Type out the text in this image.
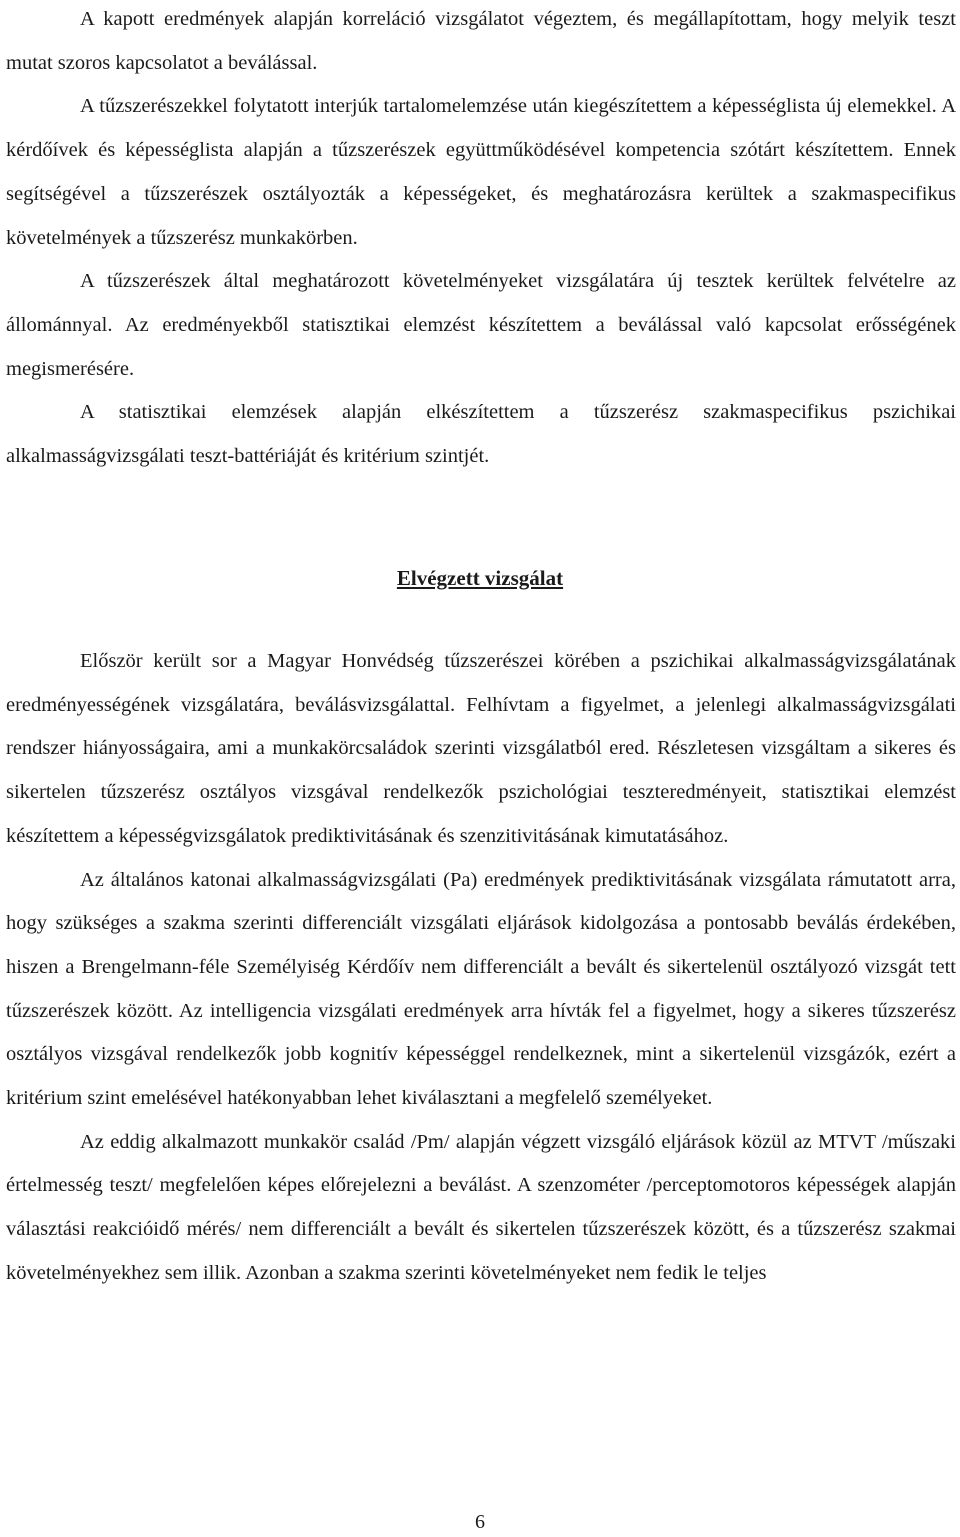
A kapott eredmények alapján korreláció vizsgálatot végeztem, és megállapítottam, hogy melyik teszt mutat szoros kapcsolatot a beválással.

A tűzszerészekkel folytatott interjúk tartalomelemzése után kiegészítettem a képességlista új elemekkel. A kérdőívek és képességlista alapján a tűzszerészek együttműködésével kompetencia szótárt készítettem. Ennek segítségével a tűzszerészek osztályozták a képességeket, és meghatározásra kerültek a szakmaspecifikus követelmények a tűzszerész munkakörben.

A tűzszerészek által meghatározott követelményeket vizsgálatára új tesztek kerültek felvételre az állománnyal. Az eredményekből statisztikai elemzést készítettem a beválással való kapcsolat erősségének megismerésére.

A statisztikai elemzések alapján elkészítettem a tűzszerész szakmaspecifikus pszichikai alkalmasságvizsgálati teszt-battériáját és kritérium szintjét.

Elvégzett vizsgálat

Először került sor a Magyar Honvédség tűzszerészei körében a pszichikai alkalmasságvizsgálatának eredményességének vizsgálatára, beválásvizsgálattal. Felhívtam a figyelmet, a jelenlegi alkalmasságvizsgálati rendszer hiányosságaira, ami a munkakörcsaládok szerinti vizsgálatból ered. Részletesen vizsgáltam a sikeres és sikertelen tűzszerész osztályos vizsgával rendelkezők pszichológiai teszteredményeit, statisztikai elemzést készítettem a képességvizsgálatok prediktivitásának és szenzitivitásának kimutatásához.

Az általános katonai alkalmasságvizsgálati (Pa) eredmények prediktivitásának vizsgálata rámutatott arra, hogy szükséges a szakma szerinti differenciált vizsgálati eljárások kidolgozása a pontosabb beválás érdekében, hiszen a Brengelmann-féle Személyiség Kérdőív nem differenciált a bevált és sikertelenül osztályozó vizsgát tett tűzszerészek között. Az intelligencia vizsgálati eredmények arra hívták fel a figyelmet, hogy a sikeres tűzszerész osztályos vizsgával rendelkezők jobb kognitív képességgel rendelkeznek, mint a sikertelenül vizsgázók, ezért a kritérium szint emelésével hatékonyabban lehet kiválasztani a megfelelő személyeket.

Az eddig alkalmazott munkakör család /Pm/ alapján végzett vizsgáló eljárások közül az MTVT /műszaki értelmesség teszt/ megfelelően képes előrejelezni a beválást. A szenzométer /perceptomotoros képességek alapján választási reakcióidő mérés/ nem differenciált a bevált és sikertelen tűzszerészek között, és a tűzszerész szakmai követelményekhez sem illik. Azonban a szakma szerinti követelményeket nem fedik le teljes

6
